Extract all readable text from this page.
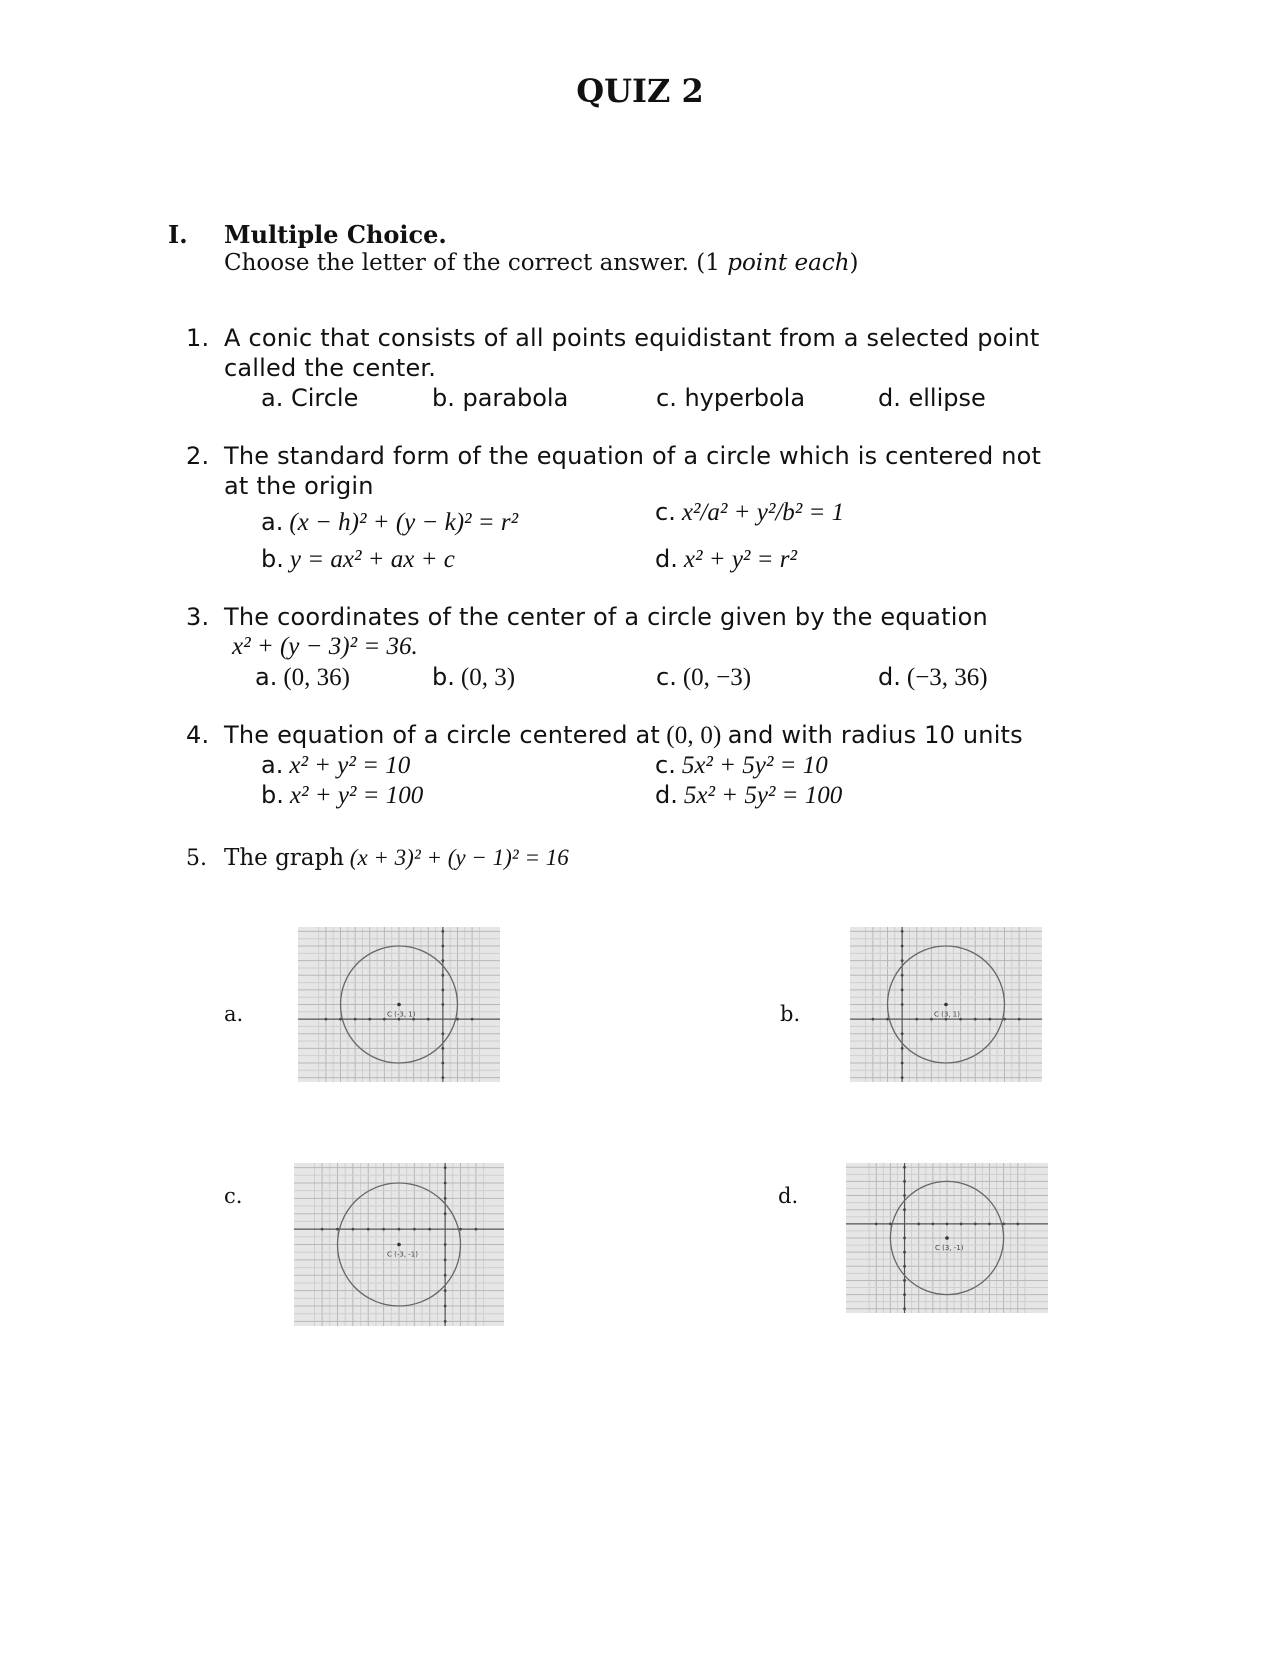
QUIZ 2
I. Multiple Choice.
Choose the letter of the correct answer. (1 point each)
1. A conic that consists of all points equidistant from a selected point
called the center.
a. Circle	b. parabola	c. hyperbola	d. ellipse
2. The standard form of the equation of a circle which is centered not
at the origin
a. (x − h)² + (y − k)² = r²
b. y = ax² + ax + c
c. x²/a² + y²/b² = 1
d. x² + y² = r²
3. The coordinates of the center of a circle given by the equation
x² + (y − 3)² = 36.
a. (0, 36)	b. (0, 3)	c. (0, −3)	d. (−3, 36)
4. The equation of a circle centered at (0, 0) and with radius 10 units
a. x² + y² = 10
b. x² + y² = 100
c. 5x² + 5y² = 10
d. 5x² + 5y² = 100
5. The graph (x + 3)² + (y − 1)² = 16
a.	b.
c.	d.
C (-3, 1)	C (3, 1)
C (-3, -1)
C (3, -1)
